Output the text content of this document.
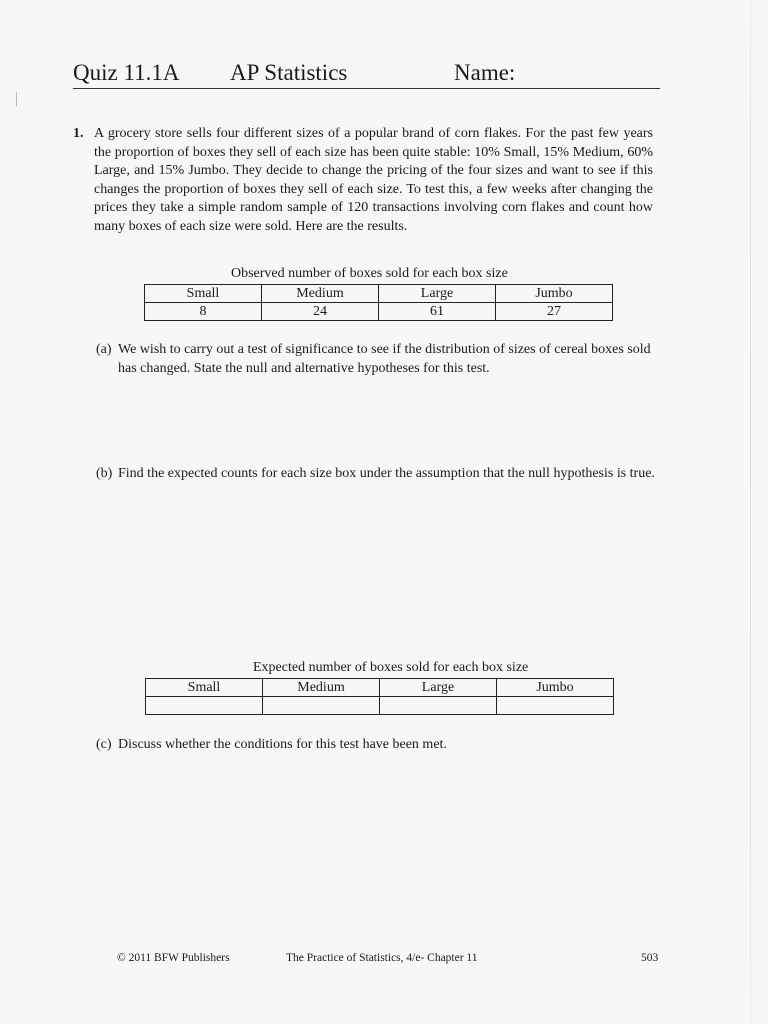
Quiz 11.1A AP Statistics	Name:
1. A grocery store sells four different sizes of a popular brand of corn flakes. For the past few years the proportion of boxes they sell of each size has been quite stable: 10% Small, 15% Medium, 60% Large, and 15% Jumbo. They decide to change the pricing of the four sizes and want to see if this changes the proportion of boxes they sell of each size. To test this, a few weeks after changing the prices they take a simple random sample of 120 transactions involving corn flakes and count how many boxes of each size were sold. Here are the results.
Observed number of boxes sold for each box size
Small	Medium	Large	Jumbo
8	24	61	27
(a) We wish to carry out a test of significance to see if the distribution of sizes of cereal boxes sold has changed. State the null and alternative hypotheses for this test.
(b) Find the expected counts for each size box under the assumption that the null hypothesis is true.
Expected number of boxes sold for each box size
Small	Medium	Large	Jumbo

(c) Discuss whether the conditions for this test have been met.
© 2011 BFW Publishers	The Practice of Statistics, 4/e- Chapter 11	503
